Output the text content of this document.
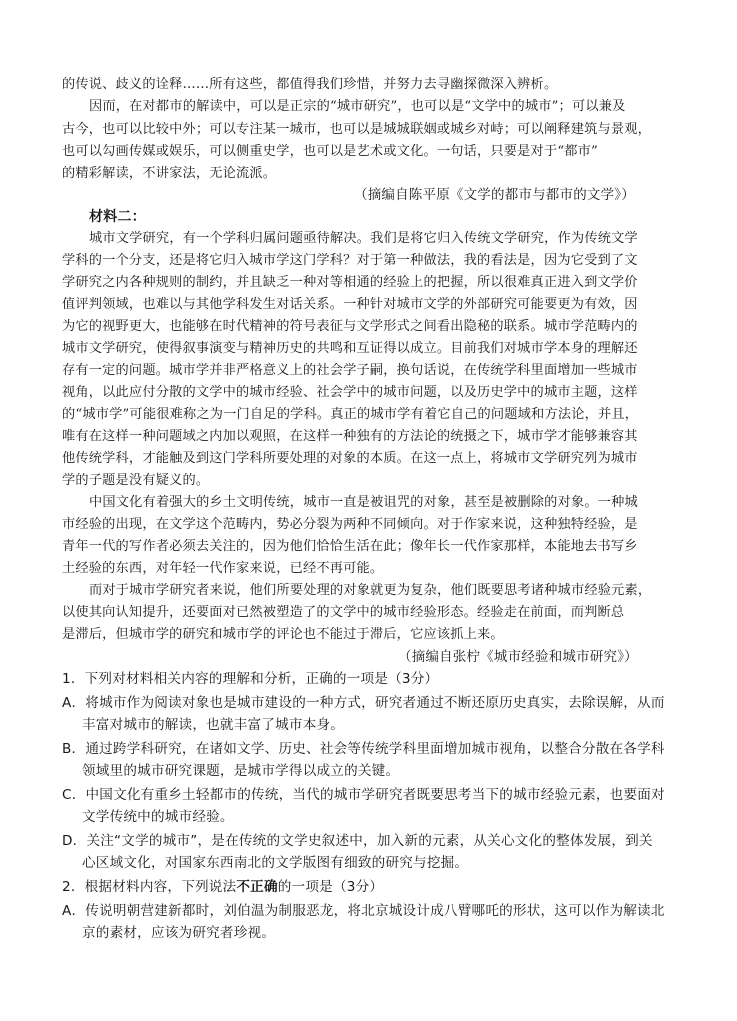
的传说、歧义的诠释……所有这些，都值得我们珍惜，并努力去寻幽探微深入辨析。
因而，在对都市的解读中，可以是正宗的“城市研究”，也可以是“文学中的城市”；可以兼及
古今，也可以比较中外；可以专注某一城市，也可以是城城联姻或城乡对峙；可以阐释建筑与景观，
也可以勾画传媒或娱乐，可以侧重史学，也可以是艺术或文化。一句话，只要是对于“都市”
的精彩解读，不讲家法，无论流派。
（摘编自陈平原《文学的都市与都市的文学》）
材料二：
城市文学研究，有一个学科归属问题亟待解决。我们是将它归入传统文学研究，作为传统文学
学科的一个分支，还是将它归入城市学这门学科？对于第一种做法，我的看法是，因为它受到了文
学研究之内各种规则的制约，并且缺乏一种对等相通的经验上的把握，所以很难真正进入到文学价
值评判领域，也难以与其他学科发生对话关系。一种针对城市文学的外部研究可能要更为有效，因
为它的视野更大，也能够在时代精神的符号表征与文学形式之间看出隐秘的联系。城市学范畴内的
城市文学研究，使得叙事演变与精神历史的共鸣和互证得以成立。目前我们对城市学本身的理解还
存有一定的问题。城市学并非严格意义上的社会学子嗣，换句话说，在传统学科里面增加一些城市
视角，以此应付分散的文学中的城市经验、社会学中的城市问题，以及历史学中的城市主题，这样
的“城市学”可能很难称之为一门自足的学科。真正的城市学有着它自己的问题域和方法论，并且，
唯有在这样一种问题域之内加以观照，在这样一种独有的方法论的统摄之下，城市学才能够兼容其
他传统学科，才能触及到这门学科所要处理的对象的本质。在这一点上，将城市文学研究列为城市
学的子题是没有疑义的。
中国文化有着强大的乡土文明传统，城市一直是被诅咒的对象，甚至是被删除的对象。一种城
市经验的出现，在文学这个范畴内，势必分裂为两种不同倾向。对于作家来说，这种独特经验，是
青年一代的写作者必须去关注的，因为他们恰恰生活在此；像年长一代作家那样，本能地去书写乡
土经验的东西，对年轻一代作家来说，已经不再可能。
而对于城市学研究者来说，他们所要处理的对象就更为复杂，他们既要思考诸种城市经验元素，
以使其向认知提升，还要面对已然被塑造了的文学中的城市经验形态。经验走在前面，而判断总
是滞后，但城市学的研究和城市学的评论也不能过于滞后，它应该抓上来。
（摘编自张柠《城市经验和城市研究》）
1．下列对材料相关内容的理解和分析，正确的一项是（3分）
A．将城市作为阅读对象也是城市建设的一种方式，研究者通过不断还原历史真实，去除误解，从而
丰富对城市的解读，也就丰富了城市本身。
B．通过跨学科研究，在诸如文学、历史、社会等传统学科里面增加城市视角，以整合分散在各学科
领域里的城市研究课题，是城市学得以成立的关键。
C．中国文化有重乡土轻都市的传统，当代的城市学研究者既要思考当下的城市经验元素，也要面对
文学传统中的城市经验。
D．关注“文学的城市”，是在传统的文学史叙述中，加入新的元素，从关心文化的整体发展，到关
心区域文化，对国家东西南北的文学版图有细致的研究与挖掘。
2．根据材料内容，下列说法不正确的一项是（3分）
A．传说明朝营建新都时，刘伯温为制服恶龙，将北京城设计成八臂哪吒的形状，这可以作为解读北
京的素材，应该为研究者珍视。
